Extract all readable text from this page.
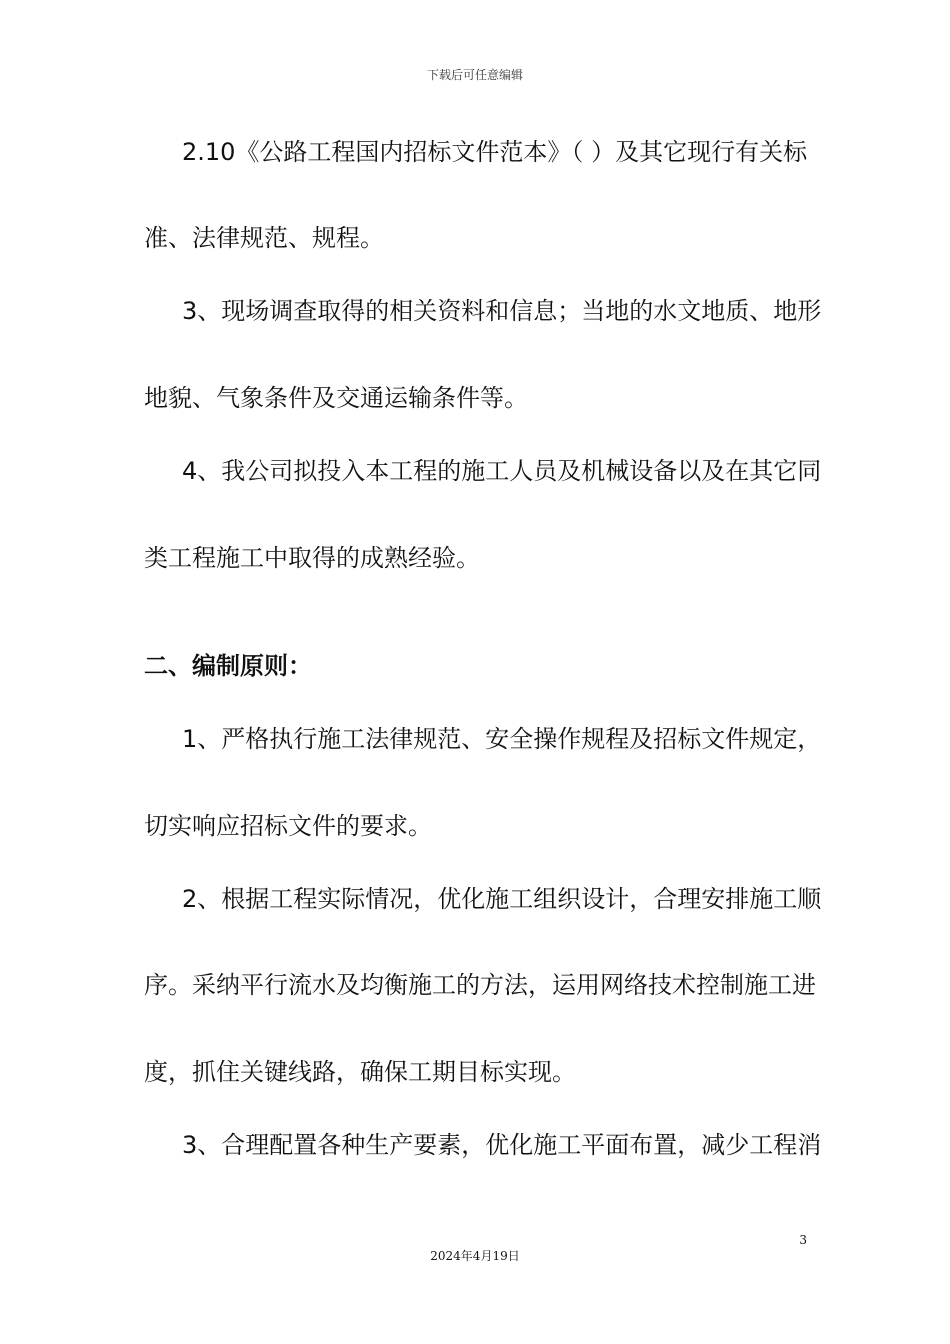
下载后可任意编辑
2.10《公路工程国内招标文件范本》（ ）及其它现行有关标
准、法律规范、规程。
3、现场调查取得的相关资料和信息；当地的水文地质、地形
地貌、气象条件及交通运输条件等。
4、我公司拟投入本工程的施工人员及机械设备以及在其它同
类工程施工中取得的成熟经验。
二、编制原则：
1、严格执行施工法律规范、安全操作规程及招标文件规定，
切实响应招标文件的要求。
2、根据工程实际情况，优化施工组织设计，合理安排施工顺
序。采纳平行流水及均衡施工的方法，运用网络技术控制施工进
度，抓住关键线路，确保工期目标实现。
3、合理配置各种生产要素，优化施工平面布置，减少工程消
3
2024年4月19日
